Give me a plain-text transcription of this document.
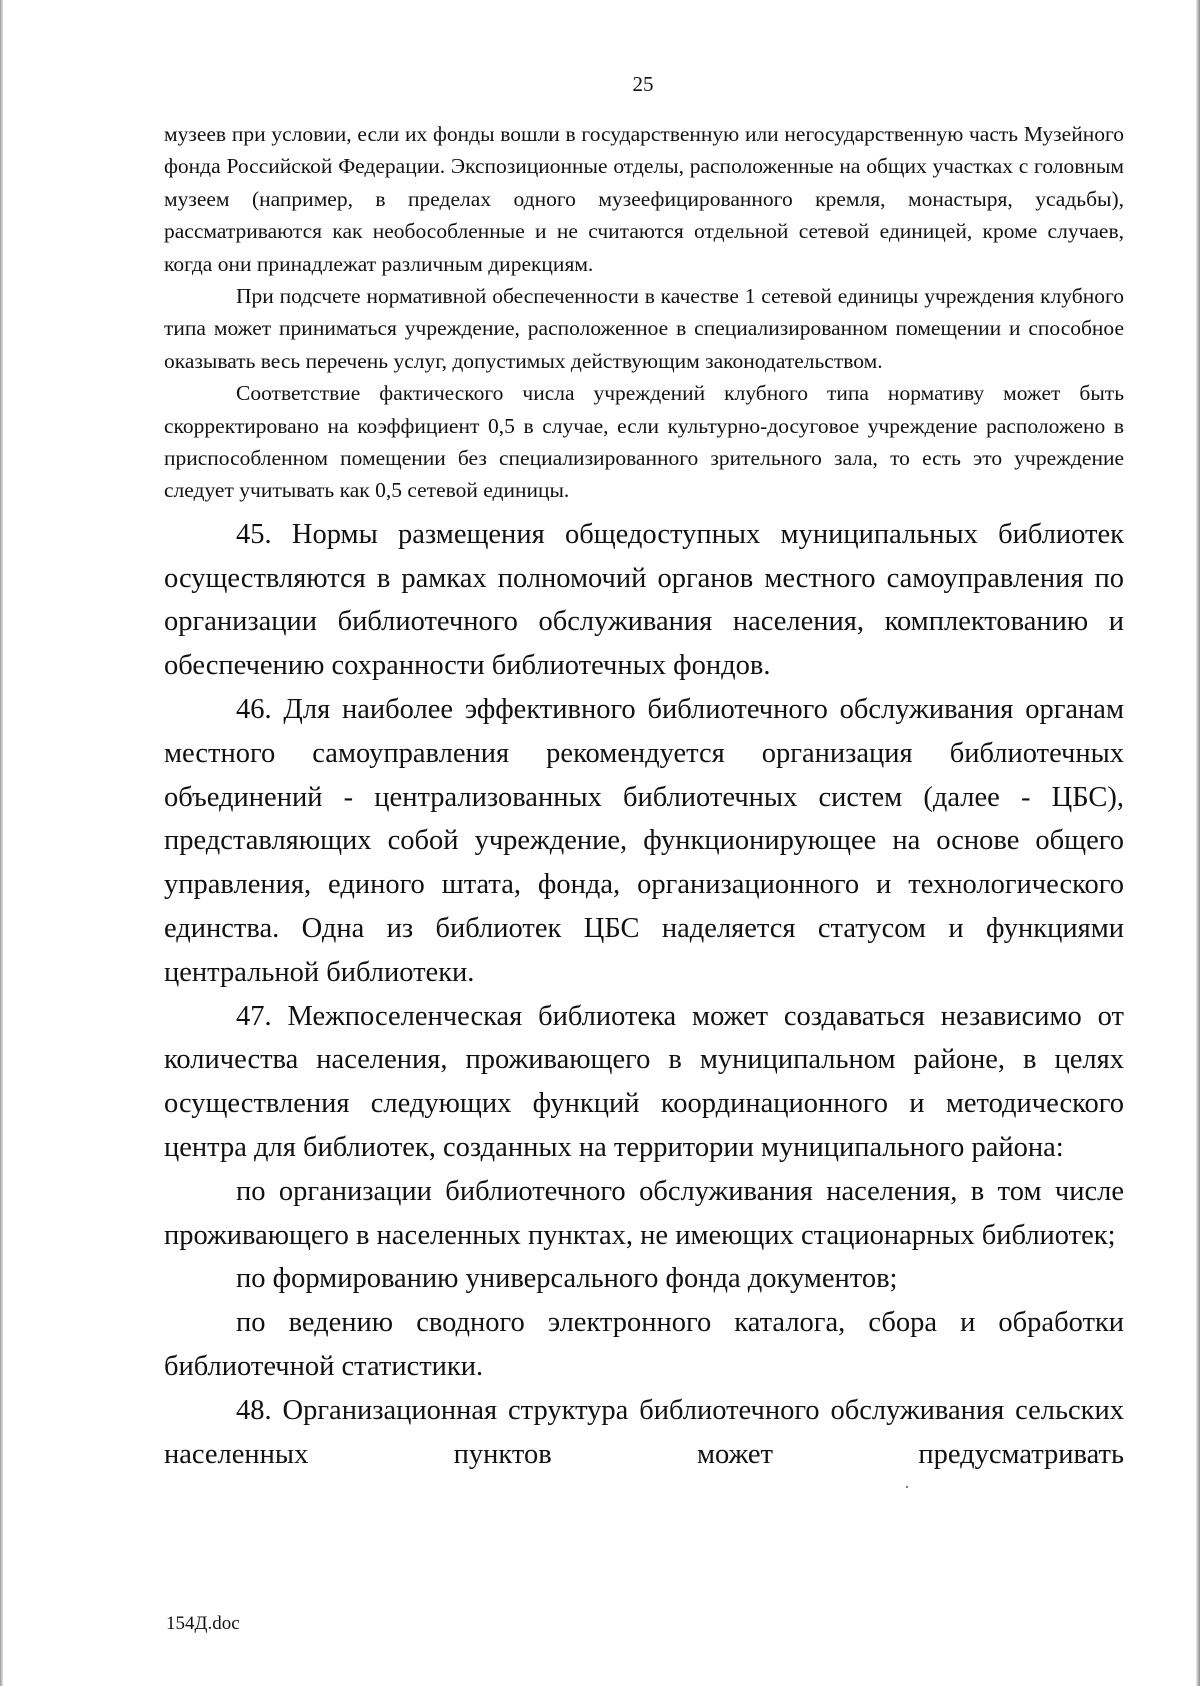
25

музеев при условии, если их фонды вошли в государственную или негосударственную часть Музейного фонда Российской Федерации. Экспозиционные отделы, расположенные на общих участках с головным музеем (например, в пределах одного музеефицированного кремля, монастыря, усадьбы), рассматриваются как необособленные и не считаются отдельной сетевой единицей, кроме случаев, когда они принадлежат различным дирекциям.

При подсчете нормативной обеспеченности в качестве 1 сетевой единицы учреждения клубного типа может приниматься учреждение, расположенное в специализированном помещении и способное оказывать весь перечень услуг, допустимых действующим законодательством.

Соответствие фактического числа учреждений клубного типа нормативу может быть скорректировано на коэффициент 0,5 в случае, если культурно-досуговое учреждение расположено в приспособленном помещении без специализированного зрительного зала, то есть это учреждение следует учитывать как 0,5 сетевой единицы.

45. Нормы размещения общедоступных муниципальных библиотек осуществляются в рамках полномочий органов местного самоуправления по организации библиотечного обслуживания населения, комплектованию и обеспечению сохранности библиотечных фондов.

46. Для наиболее эффективного библиотечного обслуживания органам местного самоуправления рекомендуется организация библиотечных объединений - централизованных библиотечных систем (далее - ЦБС), представляющих собой учреждение, функционирующее на основе общего управления, единого штата, фонда, организационного и технологического единства. Одна из библиотек ЦБС наделяется статусом и функциями центральной библиотеки.

47. Межпоселенческая библиотека может создаваться независимо от количества населения, проживающего в муниципальном районе, в целях осуществления следующих функций координационного и методического центра для библиотек, созданных на территории муниципального района:

по организации библиотечного обслуживания населения, в том числе проживающего в населенных пунктах, не имеющих стационарных библиотек;

по формированию универсального фонда документов;

по ведению сводного электронного каталога, сбора и обработки библиотечной статистики.

48. Организационная структура библиотечного обслуживания сельских населенных пунктов может предусматривать

154Д.doc
